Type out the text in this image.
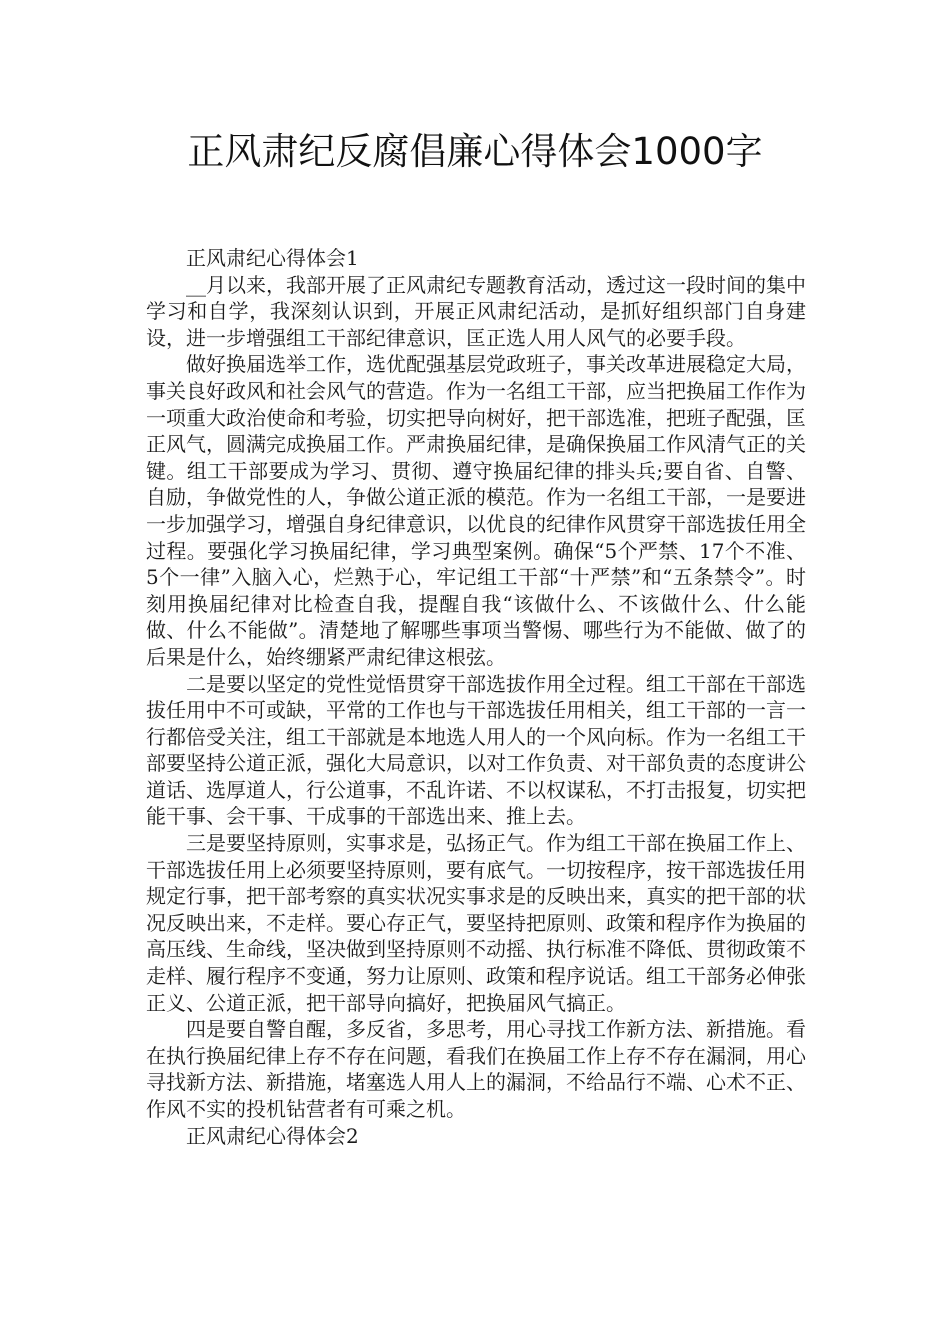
正风肃纪反腐倡廉心得体会1000字

正风肃纪心得体会1

__月以来，我部开展了正风肃纪专题教育活动，透过这一段时间的集中学习和自学，我深刻认识到，开展正风肃纪活动，是抓好组织部门自身建设，进一步增强组工干部纪律意识，匡正选人用人风气的必要手段。

做好换届选举工作，选优配强基层党政班子，事关改革进展稳定大局，事关良好政风和社会风气的营造。作为一名组工干部，应当把换届工作作为一项重大政治使命和考验，切实把导向树好，把干部选准，把班子配强，匡正风气，圆满完成换届工作。严肃换届纪律，是确保换届工作风清气正的关键。组工干部要成为学习、贯彻、遵守换届纪律的排头兵;要自省、自警、自励，争做党性的人，争做公道正派的模范。作为一名组工干部，一是要进一步加强学习，增强自身纪律意识，以优良的纪律作风贯穿干部选拔任用全过程。要强化学习换届纪律，学习典型案例。确保“5个严禁、17个不准、5个一律”入脑入心，烂熟于心，牢记组工干部“十严禁”和“五条禁令”。时刻用换届纪律对比检查自我，提醒自我“该做什么、不该做什么、什么能做、什么不能做”。清楚地了解哪些事项当警惕、哪些行为不能做、做了的后果是什么，始终绷紧严肃纪律这根弦。

二是要以坚定的党性觉悟贯穿干部选拔作用全过程。组工干部在干部选拔任用中不可或缺，平常的工作也与干部选拔任用相关，组工干部的一言一行都倍受关注，组工干部就是本地选人用人的一个风向标。作为一名组工干部要坚持公道正派，强化大局意识，以对工作负责、对干部负责的态度讲公道话、选厚道人，行公道事，不乱许诺、不以权谋私，不打击报复，切实把能干事、会干事、干成事的干部选出来、推上去。

三是要坚持原则，实事求是，弘扬正气。作为组工干部在换届工作上、干部选拔任用上必须要坚持原则，要有底气。一切按程序，按干部选拔任用规定行事，把干部考察的真实状况实事求是的反映出来，真实的把干部的状况反映出来，不走样。要心存正气，要坚持把原则、政策和程序作为换届的高压线、生命线，坚决做到坚持原则不动摇、执行标准不降低、贯彻政策不走样、履行程序不变通，努力让原则、政策和程序说话。组工干部务必伸张正义、公道正派，把干部导向搞好，把换届风气搞正。

四是要自警自醒，多反省，多思考，用心寻找工作新方法、新措施。看在执行换届纪律上存不存在问题，看我们在换届工作上存不存在漏洞，用心寻找新方法、新措施，堵塞选人用人上的漏洞，不给品行不端、心术不正、作风不实的投机钻营者有可乘之机。

正风肃纪心得体会2
